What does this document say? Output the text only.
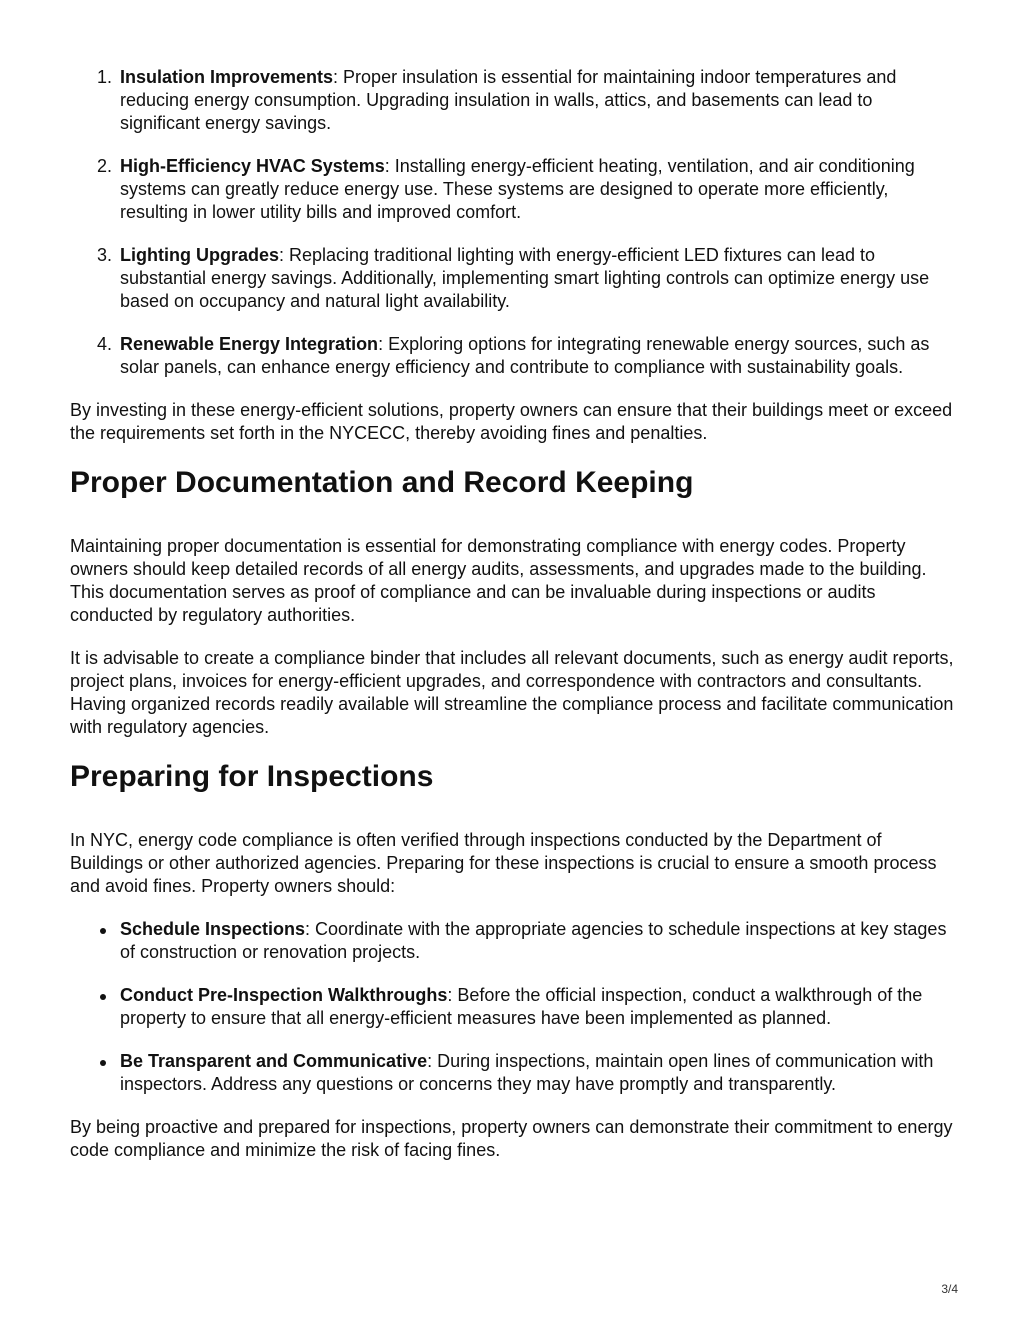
1. Insulation Improvements: Proper insulation is essential for maintaining indoor temperatures and reducing energy consumption. Upgrading insulation in walls, attics, and basements can lead to significant energy savings.
2. High-Efficiency HVAC Systems: Installing energy-efficient heating, ventilation, and air conditioning systems can greatly reduce energy use. These systems are designed to operate more efficiently, resulting in lower utility bills and improved comfort.
3. Lighting Upgrades: Replacing traditional lighting with energy-efficient LED fixtures can lead to substantial energy savings. Additionally, implementing smart lighting controls can optimize energy use based on occupancy and natural light availability.
4. Renewable Energy Integration: Exploring options for integrating renewable energy sources, such as solar panels, can enhance energy efficiency and contribute to compliance with sustainability goals.

By investing in these energy-efficient solutions, property owners can ensure that their buildings meet or exceed the requirements set forth in the NYCECC, thereby avoiding fines and penalties.

Proper Documentation and Record Keeping

Maintaining proper documentation is essential for demonstrating compliance with energy codes. Property owners should keep detailed records of all energy audits, assessments, and upgrades made to the building. This documentation serves as proof of compliance and can be invaluable during inspections or audits conducted by regulatory authorities.

It is advisable to create a compliance binder that includes all relevant documents, such as energy audit reports, project plans, invoices for energy-efficient upgrades, and correspondence with contractors and consultants. Having organized records readily available will streamline the compliance process and facilitate communication with regulatory agencies.

Preparing for Inspections

In NYC, energy code compliance is often verified through inspections conducted by the Department of Buildings or other authorized agencies. Preparing for these inspections is crucial to ensure a smooth process and avoid fines. Property owners should:

Schedule Inspections: Coordinate with the appropriate agencies to schedule inspections at key stages of construction or renovation projects.
Conduct Pre-Inspection Walkthroughs: Before the official inspection, conduct a walkthrough of the property to ensure that all energy-efficient measures have been implemented as planned.
Be Transparent and Communicative: During inspections, maintain open lines of communication with inspectors. Address any questions or concerns they may have promptly and transparently.

By being proactive and prepared for inspections, property owners can demonstrate their commitment to energy code compliance and minimize the risk of facing fines.

3/4
